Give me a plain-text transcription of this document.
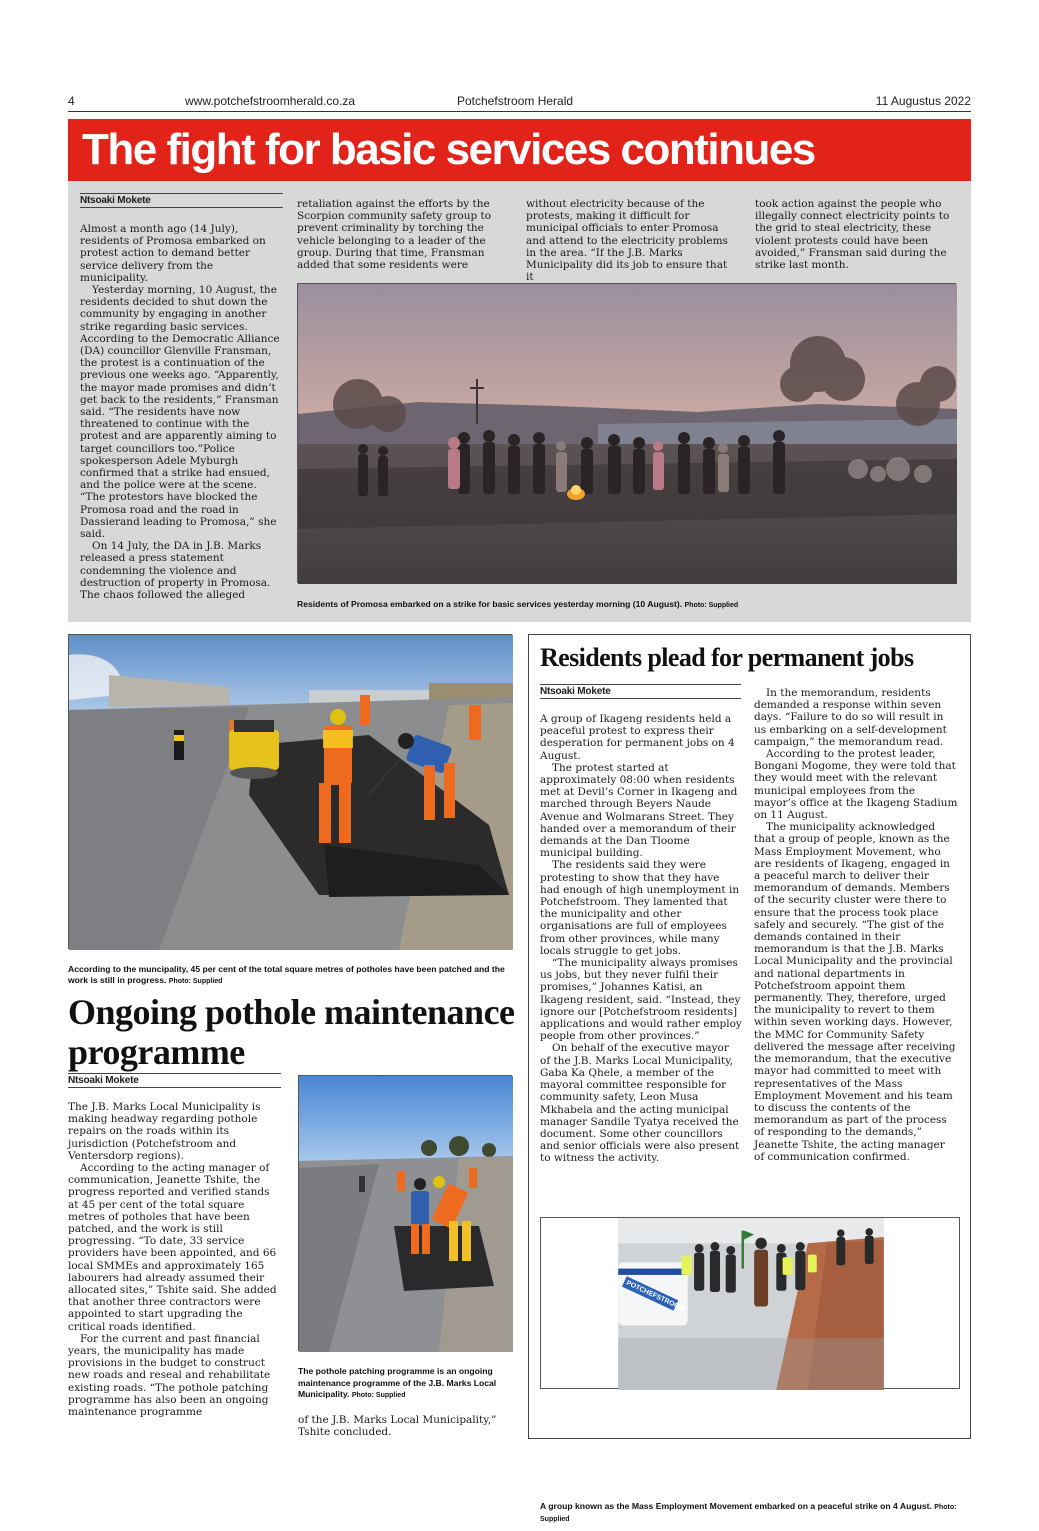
4	www.potchefstroomherald.co.za	Potchefstroom Herald	11 Augustus 2022
The fight for basic services continues
Ntsoaki Mokete

Almost a month ago (14 July), residents of Promosa embarked on protest action to demand better service delivery from the municipality.

Yesterday morning, 10 August, the residents decided to shut down the community by engaging in another strike regarding basic services. According to the Democratic Alliance (DA) councillor Glenville Fransman, the protest is a continuation of the previous one weeks ago. “Apparently, the mayor made promises and didn’t get back to the residents,” Fransman said. “The residents have now threatened to continue with the protest and are apparently aiming to target councillors too.”Police spokesperson Adele Myburgh confirmed that a strike had ensued, and the police were at the scene. “The protestors have blocked the Promosa road and the road in Dassierand leading to Promosa,” she said.

On 14 July, the DA in J.B. Marks released a press statement condemning the violence and destruction of property in Promosa. The chaos followed the alleged

retaliation against the efforts by the Scorpion community safety group to prevent criminality by torching the vehicle belonging to a leader of the group. During that time, Fransman added that some residents were

without electricity because of the protests, making it difficult for municipal officials to enter Promosa and attend to the electricity problems in the area. “If the J.B. Marks Municipality did its job to ensure that it

took action against the people who illegally connect electricity points to the grid to steal electricity, these violent protests could have been avoided,” Fransman said during the strike last month.

Residents of Promosa embarked on a strike for basic services yesterday morning (10 August). Photo: Supplied
According to the muncipality, 45 per cent of the total square metres of potholes have been patched and the work is still in progress. Photo: Supplied
Ongoing pothole maintenance programme
Ntsoaki Mokete

The J.B. Marks Local Municipality is making headway regarding pothole repairs on the roads within its jurisdiction (Potchefstroom and Ventersdorp regions).

According to the acting manager of communication, Jeanette Tshite, the progress reported and verified stands at 45 per cent of the total square metres of potholes that have been patched, and the work is still progressing. “To date, 33 service providers have been appointed, and 66 local SMMEs and approximately 165 labourers had already assumed their allocated sites,” Tshite said. She added that another three contractors were appointed to start upgrading the critical roads identified.

For the current and past financial years, the municipality has made provisions in the budget to construct new roads and reseal and rehabilitate existing roads. “The pothole patching programme has also been an ongoing maintenance programme

The pothole patching programme is an ongoing maintenance programme of the J.B. Marks Local Municipality. Photo: Supplied

of the J.B. Marks Local Municipality,” Tshite concluded.

Residents plead for permanent jobs
Ntsoaki Mokete

A group of Ikageng residents held a peaceful protest to express their desperation for permanent jobs on 4 August.

The protest started at approximately 08:00 when residents met at Devil’s Corner in Ikageng and marched through Beyers Naude Avenue and Wolmarans Street. They handed over a memorandum of their demands at the Dan Tloome municipal building.

The residents said they were protesting to show that they have had enough of high unemployment in Potchefstroom. They lamented that the municipality and other organisations are full of employees from other provinces, while many locals struggle to get jobs.

“The municipality always promises us jobs, but they never fulfil their promises,” Johannes Katisi, an Ikageng resident, said. “Instead, they ignore our [Potchefstroom residents] applications and would rather employ people from other provinces.”

On behalf of the executive mayor of the J.B. Marks Local Municipality, Gaba Ka Qhele, a member of the mayoral committee responsible for community safety, Leon Musa Mkhabela and the acting municipal manager Sandile Tyatya received the document. Some other councillors and senior officials were also present to witness the activity.

In the memorandum, residents demanded a response within seven days. “Failure to do so will result in us embarking on a self-development campaign,” the memorandum read.

According to the protest leader, Bongani Mogome, they were told that they would meet with the relevant municipal employees from the mayor’s office at the Ikageng Stadium on 11 August.

The municipality acknowledged that a group of people, known as the Mass Employment Movement, who are residents of Ikageng, engaged in a peaceful march to deliver their memorandum of demands. Members of the security cluster were there to ensure that the process took place safely and securely. “The gist of the demands contained in their memorandum is that the J.B. Marks Local Municipality and the provincial and national departments in Potchefstroom appoint them permanently. They, therefore, urged the municipality to revert to them within seven working days. However, the MMC for Community Safety delivered the message after receiving the memorandum, that the executive mayor had committed to meet with representatives of the Mass Employment Movement and his team to discuss the contents of the memorandum as part of the process of responding to the demands,” Jeanette Tshite, the acting manager of communication confirmed.

POTCHEFSTROOM
A group known as the Mass Employment Movement embarked on a peaceful strike on 4 August. Photo: Supplied
